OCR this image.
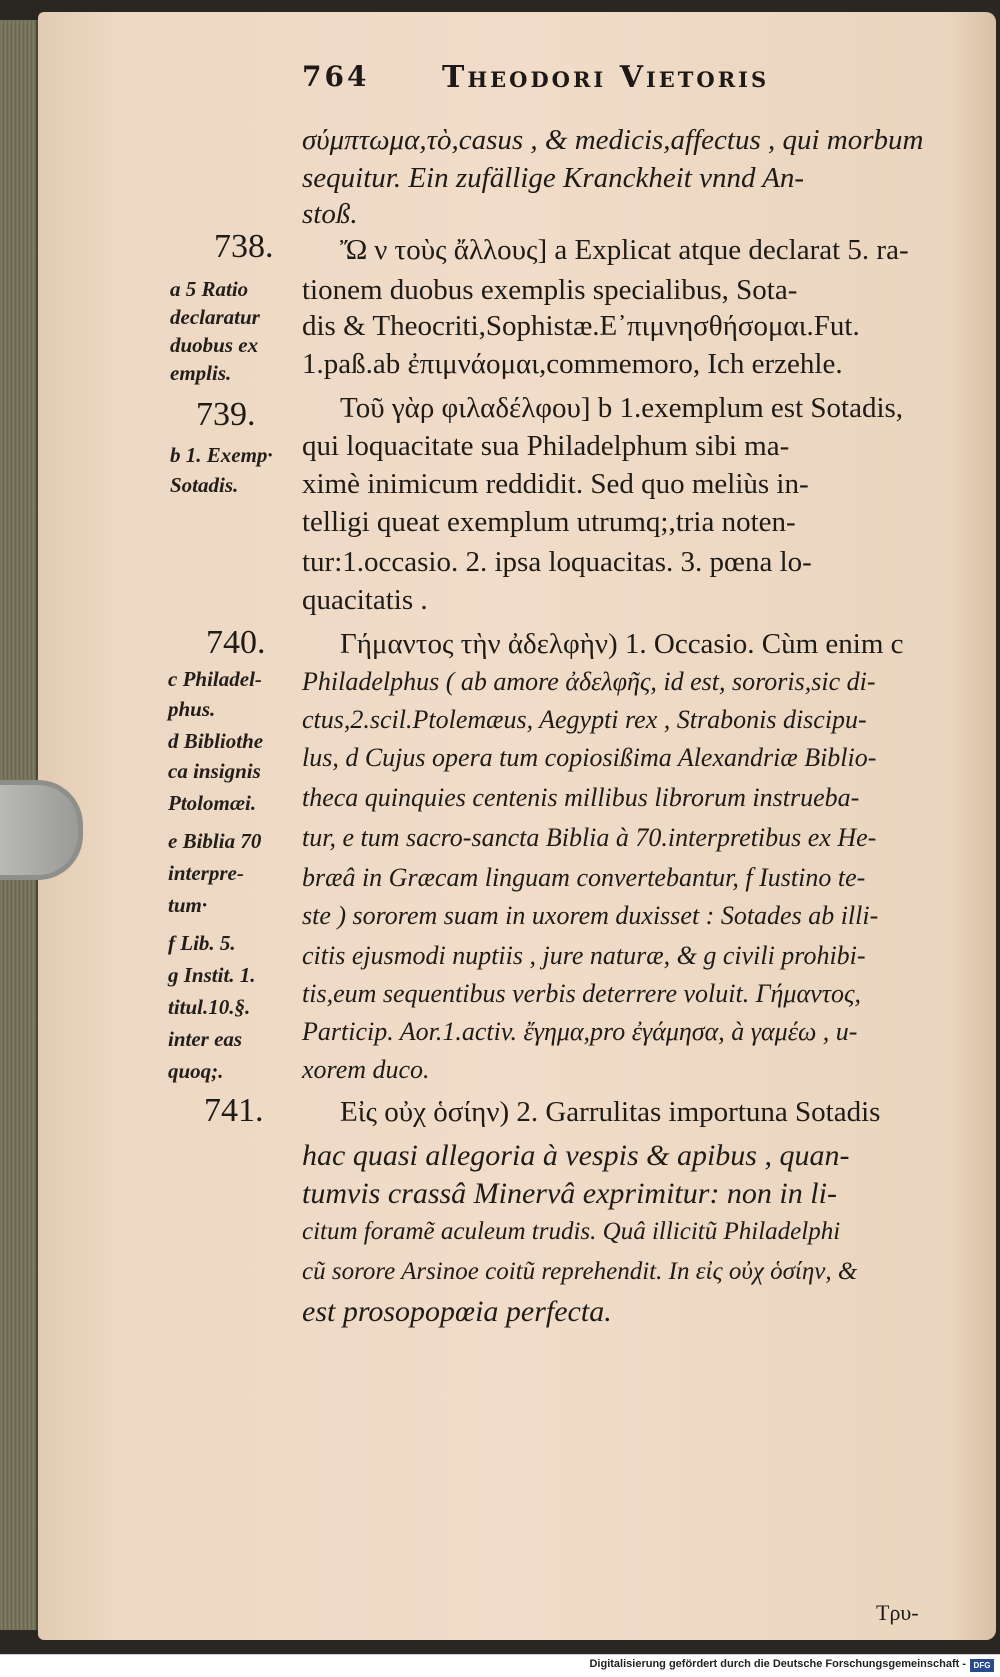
764 Theodori Vietoris
σύμπτωμα,τὸ,casus , & medicis,affectus , qui morbum
sequitur. Ein zufällige Kranckheit vnnd An-
stoß.
Ὤ ν τοὺς ἄλλους] a Explicat atque declarat 5. ra-
tionem duobus exemplis specialibus, Sota-
dis & Theocriti,Sophistæ.Ε᾽πιμνησθήσομαι.Fut.
1.paß.ab ἐπιμνάομαι,commemoro, Ich erzehle.
Τοῦ γὰρ φιλαδέλφου] b 1.exemplum est Sotadis,
qui loquacitate sua Philadelphum sibi ma-
ximè inimicum reddidit. Sed quo meliùs in-
telligi queat exemplum utrumq;,tria noten-
tur:1.occasio. 2. ipsa loquacitas. 3. pœna lo-
quacitatis .
Γήμαντος τὴν ἀδελφὴν) 1. Occasio. Cùm enim c
Philadelphus ( ab amore ἀδελφῆς, id est, sororis,sic di-
ctus,2.scil.Ptolemæus, Aegypti rex , Strabonis discipu-
lus, d Cujus opera tum copiosißima Alexandriæ Biblio-
theca quinquies centenis millibus librorum instrueba-
tur, e tum sacro-sancta Biblia à 70.interpretibus ex He-
bræâ in Græcam linguam convertebantur, f Iustino te-
ste ) sororem suam in uxorem duxisset : Sotades ab illi-
citis ejusmodi nuptiis , jure naturæ, & g civili prohibi-
tis,eum sequentibus verbis deterrere voluit. Γήμαντος,
Particip. Aor.1.activ. ἔγημα,pro ἐγάμησα, à γαμέω , u-
xorem duco.
Εἰς οὐχ ὁσίην) 2. Garrulitas importuna Sotadis
hac quasi allegoria à vespis & apibus , quan-
tumvis crassâ Minervâ exprimitur: non in li-
citum foramẽ aculeum trudis. Quâ illicitũ Philadelphi
cũ sorore Arsinoe coitũ reprehendit. In εἰς οὐχ ὁσίην, &
est prosopopœia perfecta.
738.
739.
740.
741.
a 5 Ratio
declaratur
duobus ex
emplis.
b 1. Exemp·
Sotadis.
c Philadel-
phus.
d Bibliothe
ca insignis
Ptolomæi.
e Biblia 70
interpre-
tum·
f Lib. 5.
g Instit. 1.
titul.10.§.
inter eas
quoq;.
Τρυ-
Digitalisierung gefördert durch die Deutsche Forschungsgemeinschaft - DFG
